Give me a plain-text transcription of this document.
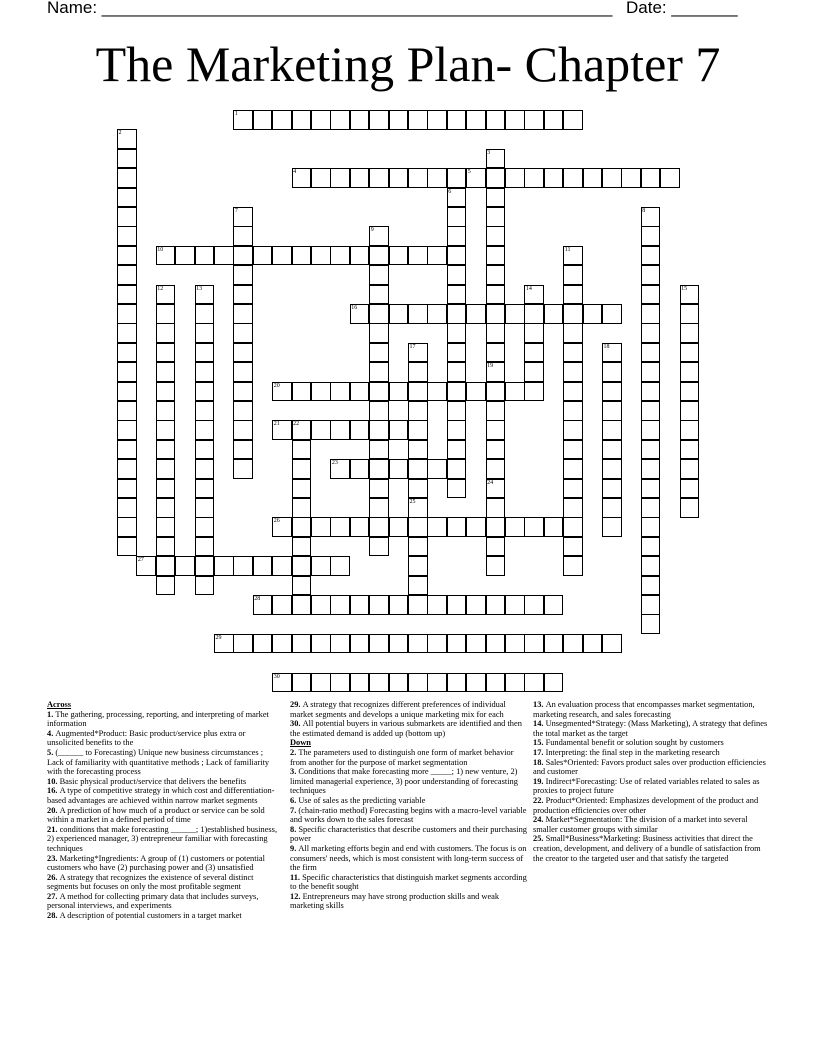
Name: ______________________________________________________ Date: _______
The Marketing Plan- Chapter 7
1
4	5
10
16
20
21
23
26
27
28
29
30
2
3
6
7	8
9
11
12	13	14	15
17	18
19
22
24
25
Across
1. The gathering, processing, reporting, and interpreting of market information
4. Augmented*Product: Basic product/service plus extra or unsolicited benefits to the
5. (______ to Forecasting) Unique new business circumstances ; Lack of familiarity with quantitative methods ; Lack of familiarity with the forecasting process
10. Basic physical product/service that delivers the benefits
16. A type of competitive strategy in which cost and differentiation-based advantages are achieved within narrow market segments
20. A prediction of how much of a product or service can be sold within a market in a defined period of time
21. conditions that make forecasting ______; 1)established business, 2) experienced manager, 3) entrepreneur familiar with forecasting techniques
23. Marketing*Ingredients: A group of (1) customers or potential customers who have (2) purchasing power and (3) unsatisfied
26. A strategy that recognizes the existence of several distinct segments but focuses on only the most profitable segment
27. A method for collecting primary data that includes surveys, personal interviews, and experiments
28. A description of potential customers in a target market
29. A strategy that recognizes different preferences of individual market segments and develops a unique marketing mix for each
30. All potential buyers in various submarkets are identified and then the estimated demand is added up (bottom up)
Down
2. The parameters used to distinguish one form of market behavior from another for the purpose of market segmentation
3. Conditions that make forecasting more _____; 1) new venture, 2) limited managerial experience, 3) poor understanding of forecasting techniques
6. Use of sales as the predicting variable
7. (chain-ratio method) Forecasting begins with a macro-level variable and works down to the sales forecast
8. Specific characteristics that describe customers and their purchasing power
9. All marketing efforts begin and end with customers. The focus is on consumers' needs, which is most consistent with long-term success of the firm
11. Specific characteristics that distinguish market segments according to the benefit sought
12. Entrepreneurs may have strong production skills and weak marketing skills
13. An evaluation process that encompasses market segmentation, marketing research, and sales forecasting
14. Unsegmented*Strategy: (Mass Marketing), A strategy that defines the total market as the target
15. Fundamental benefit or solution sought by customers
17. Interpreting: the final step in the marketing research
18. Sales*Oriented: Favors product sales over production efficiencies and customer
19. Indirect*Forecasting: Use of related variables related to sales as proxies to project future
22. Product*Oriented: Emphasizes development of the product and production efficiencies over other
24. Market*Segmentation: The division of a market into several smaller customer groups with similar
25. Small*Business*Marketing: Business activities that direct the creation, development, and delivery of a bundle of satisfaction from the creator to the targeted user and that satisfy the targeted
